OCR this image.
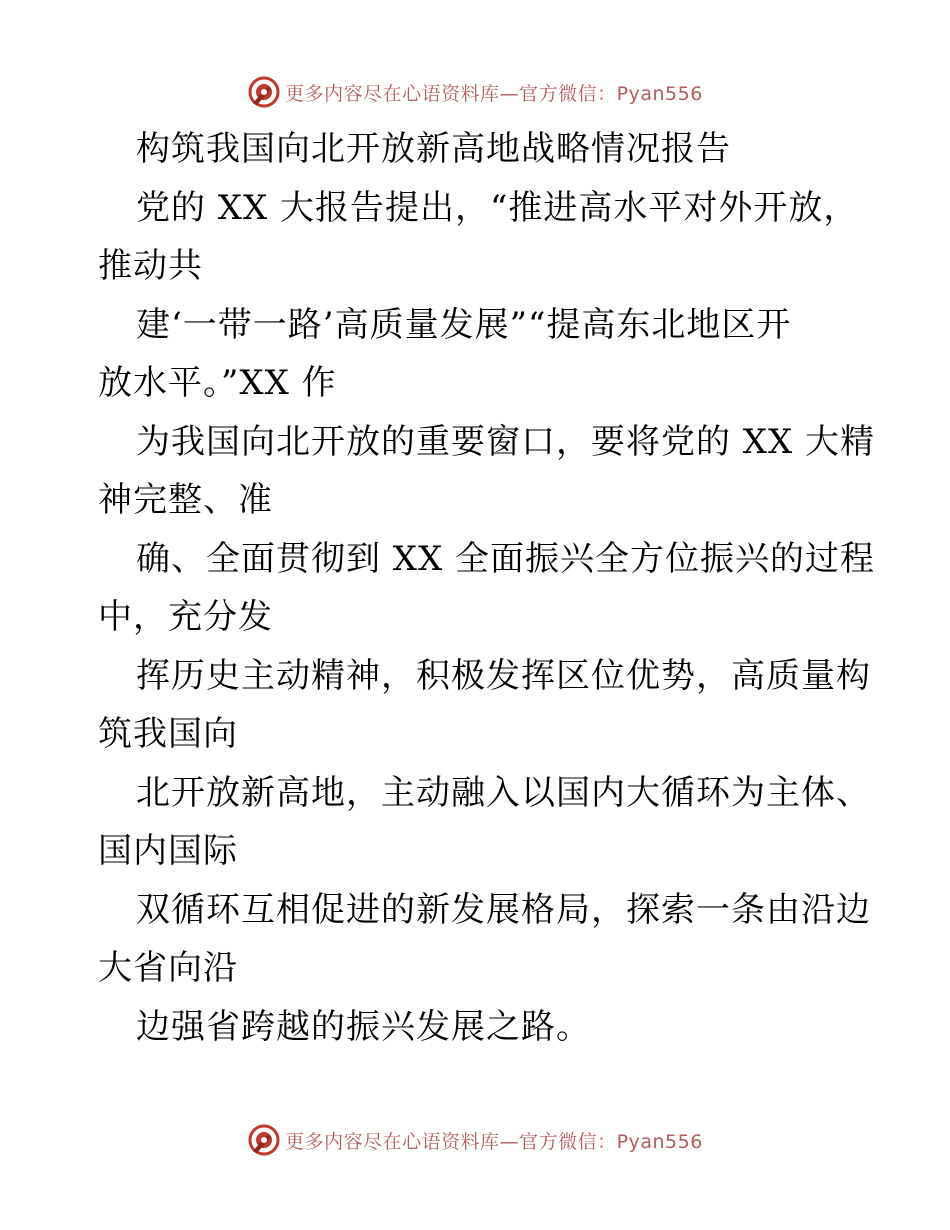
更多内容尽在心语资料库—官方微信：Pyan556
构筑我国向北开放新高地战略情况报告
党的 XX 大报告提出，“推进高水平对外开放，
推动共
建‘一带一路’高质量发展”“提高东北地区开
放水平。”XX 作
为我国向北开放的重要窗口，要将党的 XX 大精
神完整、准
确、全面贯彻到 XX 全面振兴全方位振兴的过程
中，充分发
挥历史主动精神，积极发挥区位优势，高质量构
筑我国向
北开放新高地，主动融入以国内大循环为主体、
国内国际
双循环互相促进的新发展格局，探索一条由沿边
大省向沿
边强省跨越的振兴发展之路。
更多内容尽在心语资料库—官方微信：Pyan556
